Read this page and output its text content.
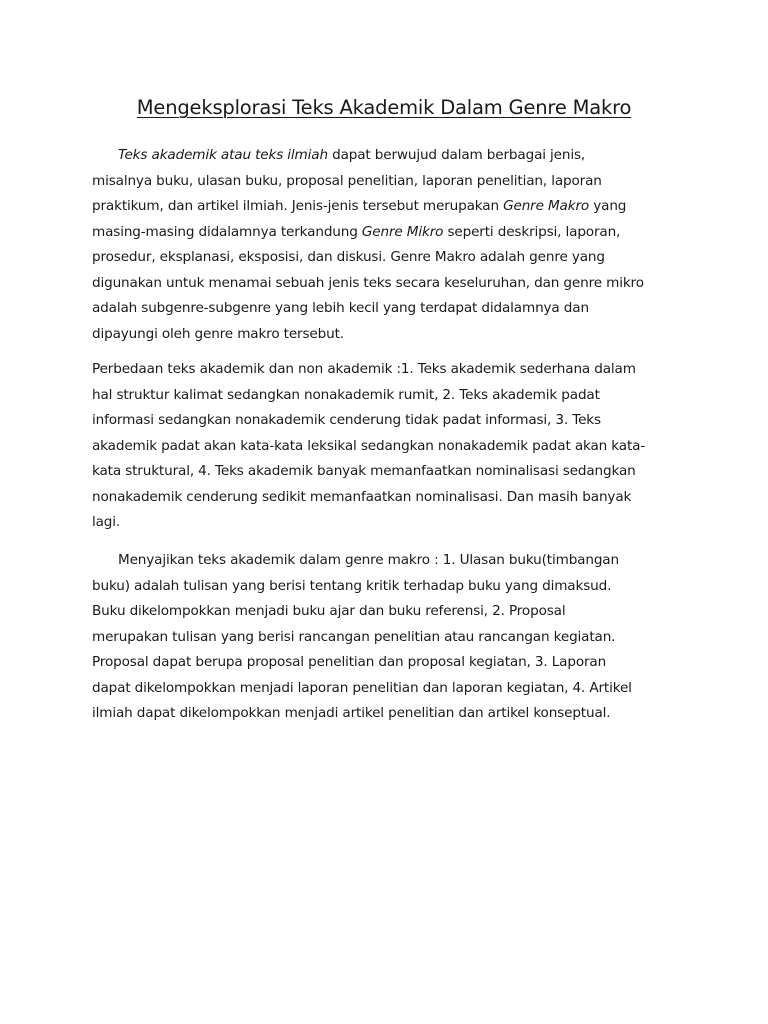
Mengeksplorasi Teks Akademik Dalam Genre Makro

Teks akademik atau teks ilmiah dapat berwujud dalam berbagai jenis,
misalnya buku, ulasan buku, proposal penelitian, laporan penelitian, laporan
praktikum, dan artikel ilmiah. Jenis-jenis tersebut merupakan Genre Makro yang
masing-masing didalamnya terkandung Genre Mikro seperti deskripsi, laporan,
prosedur, eksplanasi, eksposisi, dan diskusi. Genre Makro adalah genre yang
digunakan untuk menamai sebuah jenis teks secara keseluruhan, dan genre mikro
adalah subgenre-subgenre yang lebih kecil yang terdapat didalamnya dan
dipayungi oleh genre makro tersebut.

Perbedaan teks akademik dan non akademik :1. Teks akademik sederhana dalam
hal struktur kalimat sedangkan nonakademik rumit, 2. Teks akademik padat
informasi sedangkan nonakademik cenderung tidak padat informasi, 3. Teks
akademik padat akan kata-kata leksikal sedangkan nonakademik padat akan kata-
kata struktural, 4. Teks akademik banyak memanfaatkan nominalisasi sedangkan
nonakademik cenderung sedikit memanfaatkan nominalisasi. Dan masih banyak
lagi.

Menyajikan teks akademik dalam genre makro : 1. Ulasan buku(timbangan
buku) adalah tulisan yang berisi tentang kritik terhadap buku yang dimaksud.
Buku dikelompokkan menjadi buku ajar dan buku referensi, 2. Proposal
merupakan tulisan yang berisi rancangan penelitian atau rancangan kegiatan.
Proposal dapat berupa proposal penelitian dan proposal kegiatan, 3. Laporan
dapat dikelompokkan menjadi laporan penelitian dan laporan kegiatan, 4. Artikel
ilmiah dapat dikelompokkan menjadi artikel penelitian dan artikel konseptual.
